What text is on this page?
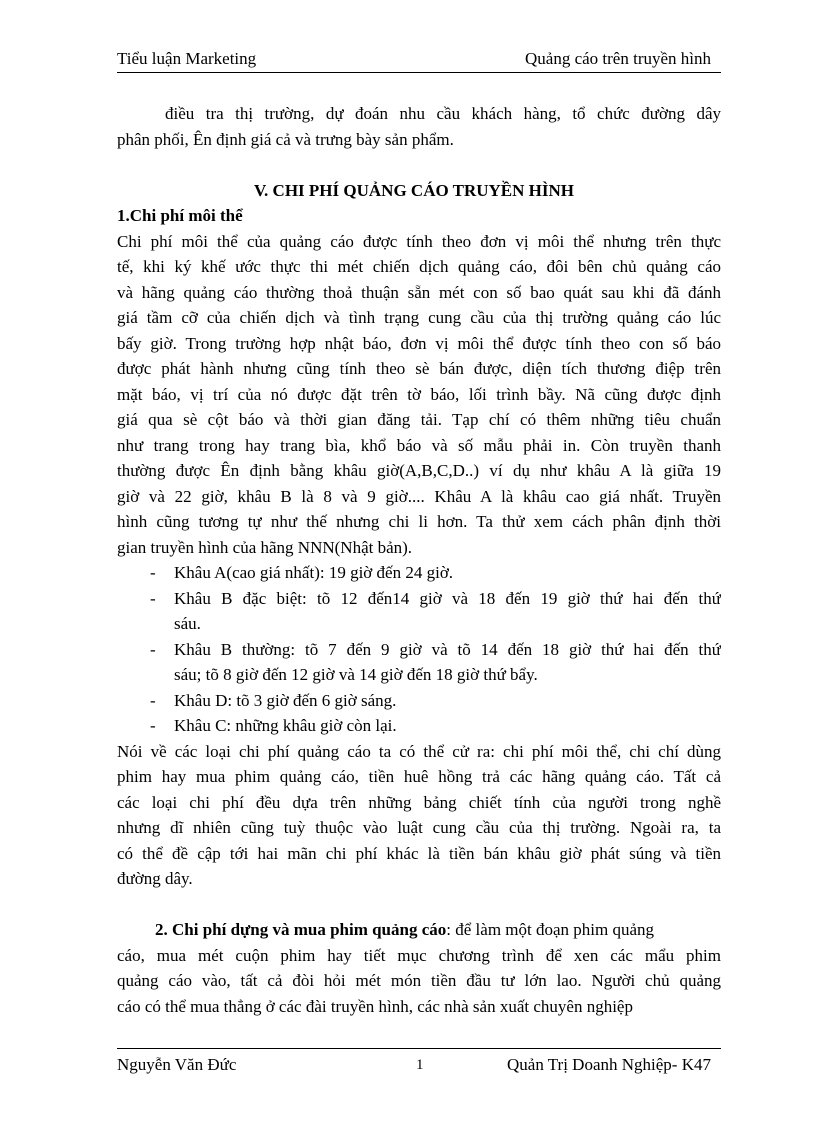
Tiểu luận Marketing	Quảng cáo trên truyền hình
điều tra thị trường, dự đoán nhu cầu khách hàng, tổ chức đường dây
phân phối, Ên định giá cả và trưng bày sản phẩm.
V. CHI PHÍ QUẢNG CÁO TRUYỀN HÌNH
1.Chi phí môi thể
Chi phí môi thể của quảng cáo được tính theo đơn vị môi thể nhưng trên thực
tế, khi ký khế ước thực thi mét chiến dịch quảng cáo, đôi bên chủ quảng cáo
và hãng quảng cáo thường thoả thuận sẵn mét con số bao quát sau khi đã đánh
giá tầm cỡ của chiến dịch và tình trạng cung cầu của thị trường quảng cáo lúc
bấy giờ. Trong trường hợp nhật báo, đơn vị môi thể được tính theo con số báo
được phát hành nhưng cũng tính theo sè bán được, diện tích thương điệp trên
mặt báo, vị trí của nó được đặt trên tờ báo, lối trình bầy. Nã cũng được định
giá qua sè cột báo và thời gian đăng tải. Tạp chí có thêm những tiêu chuẩn
như trang trong hay trang bìa, khổ báo và số mẫu phải in. Còn truyền thanh
thường được Ên định bằng khâu giờ(A,B,C,D..) ví dụ như khâu A là giữa 19
giờ và 22 giờ, khâu B là 8 và 9 giờ.... Khâu A là khâu cao giá nhất. Truyền
hình cũng tương tự như thế nhưng chi li hơn. Ta thử xem cách phân định thời
gian truyền hình của hãng NNN(Nhật bản).
- Khâu A(cao giá nhất): 19 giờ đến 24 giờ.
- Khâu B đặc biệt: tõ 12 đến14 giờ và 18 đến 19 giờ thứ hai đến thứ
sáu.
- Khâu B thường: tõ 7 đến 9 giờ và tõ 14 đến 18 giờ thứ hai đến thứ
sáu; tõ 8 giờ đến 12 giờ và 14 giờ đến 18 giờ thứ bẩy.
- Khâu D: tõ 3 giờ đến 6 giờ sáng.
- Khâu C: những khâu giờ còn lại.
Nói về các loại chi phí quảng cáo ta có thể cử ra: chi phí môi thể, chi chí dùng
phim hay mua phim quảng cáo, tiền huê hồng trả các hãng quảng cáo. Tất cả
các loại chi phí đều dựa trên những bảng chiết tính của người trong nghề
nhưng dĩ nhiên cũng tuỳ thuộc vào luật cung cầu của thị trường. Ngoài ra, ta
có thể đề cập tới hai mãn chi phí khác là tiền bán khâu giờ phát súng và tiền
đường dây.
2. Chi phí dựng và mua phim quảng cáo: để làm một đoạn phim quảng
cáo, mua mét cuộn phim hay tiết mục chương trình để xen các mẩu phim
quảng cáo vào, tất cả đòi hỏi mét món tiền đầu tư lớn lao. Người chủ quảng
cáo có thể mua thẳng ở các đài truyền hình, các nhà sản xuất chuyên nghiệp
Nguyễn Văn Đức	1	Quản Trị Doanh Nghiệp- K47
